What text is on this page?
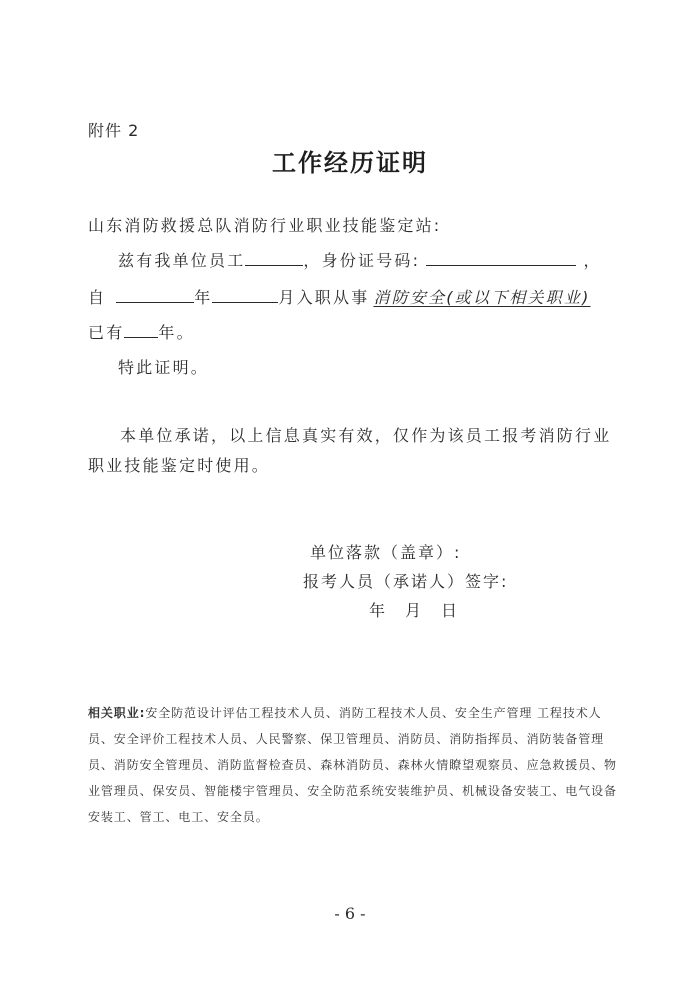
附件 2
工作经历证明
山东消防救援总队消防行业职业技能鉴定站:
兹有我单位员工	，身份证号码:	，
自	年	月入职从事 消防安全(或以下相关职业)
已有 年。
特此证明。
本单位承诺，以上信息真实有效，仅作为该员工报考消防行业职业技能鉴定时使用。
单位落款（盖章）:
报考人员（承诺人）签字:
年 月 日
相关职业:安全防范设计评估工程技术人员、消防工程技术人员、安全生产管理 工程技术人员、安全评价工程技术人员、人民警察、保卫管理员、消防员、消防指挥员、消防装备管理员、消防安全管理员、消防监督检查员、森林消防员、森林火情瞭望观察员、应急救援员、物业管理员、保安员、智能楼宇管理员、安全防范系统安装维护员、机械设备安装工、电气设备安装工、管工、电工、安全员。
- 6 -
